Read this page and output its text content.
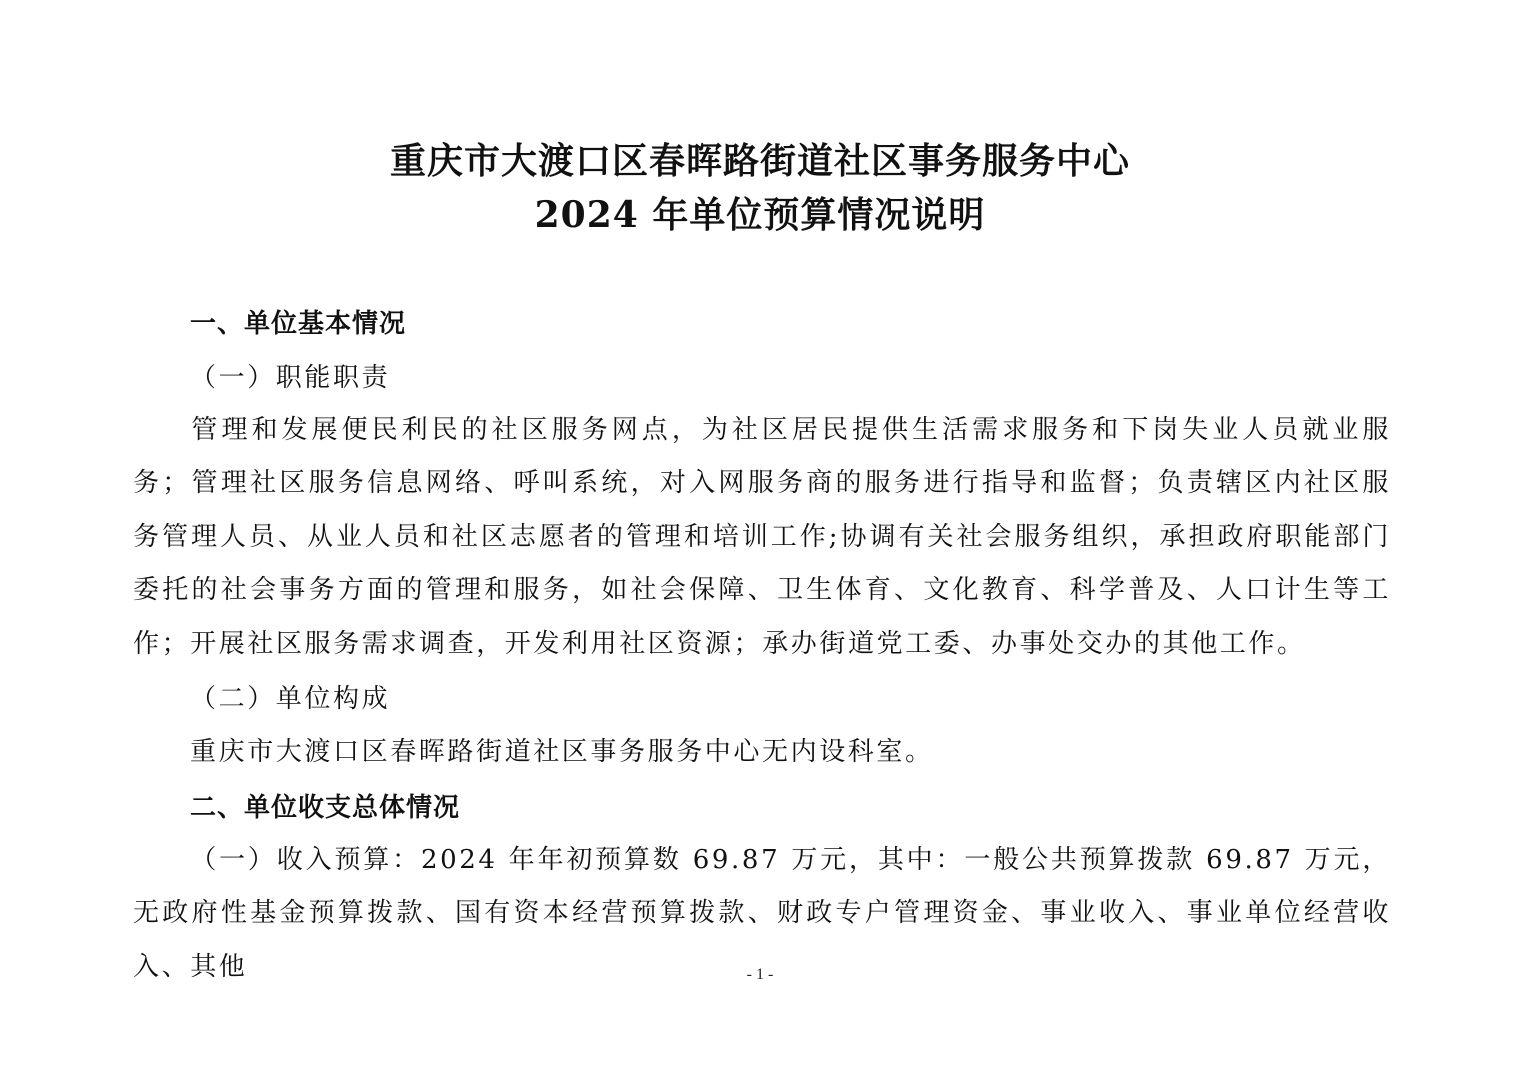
重庆市大渡口区春晖路街道社区事务服务中心
2024 年单位预算情况说明
一、单位基本情况
（一）职能职责
管理和发展便民利民的社区服务网点，为社区居民提供生活需求服务和下岗失业人员就业服务；管理社区服务信息网络、呼叫系统，对入网服务商的服务进行指导和监督；负责辖区内社区服务管理人员、从业人员和社区志愿者的管理和培训工作;协调有关社会服务组织，承担政府职能部门委托的社会事务方面的管理和服务，如社会保障、卫生体育、文化教育、科学普及、人口计生等工作；开展社区服务需求调查，开发利用社区资源；承办街道党工委、办事处交办的其他工作。
（二）单位构成
重庆市大渡口区春晖路街道社区事务服务中心无内设科室。
二、单位收支总体情况
（一）收入预算：2024 年年初预算数 69.87 万元，其中：一般公共预算拨款 69.87 万元，无政府性基金预算拨款、国有资本经营预算拨款、财政专户管理资金、事业收入、事业单位经营收入、其他	- 1 -
